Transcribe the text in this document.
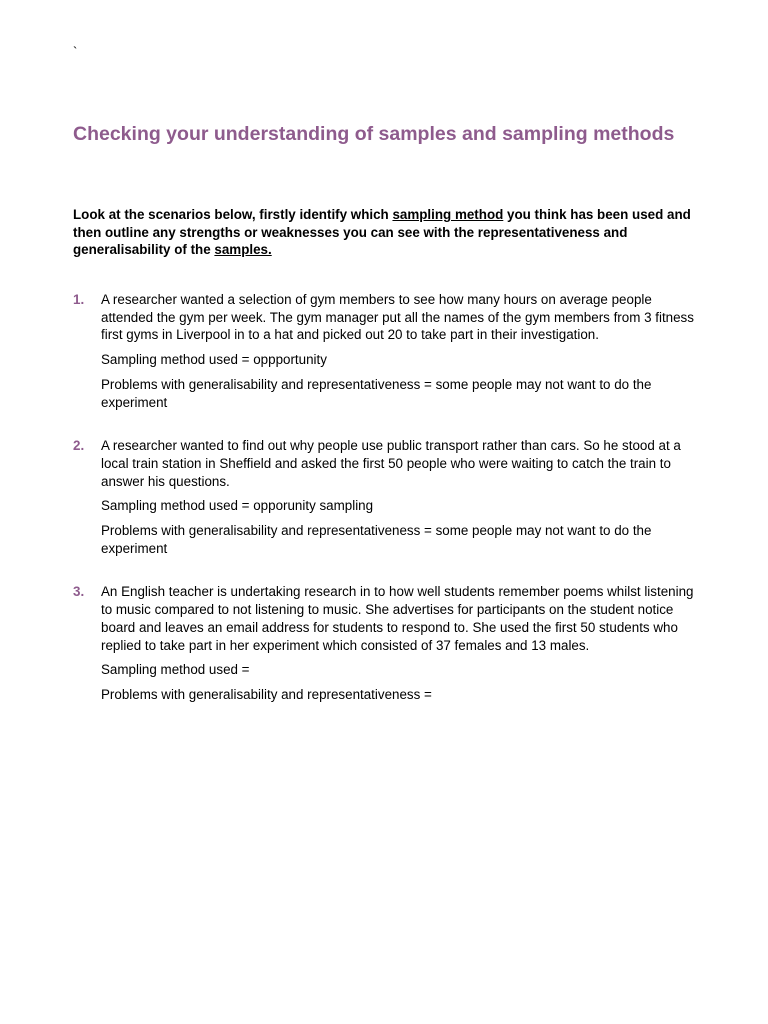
`
Checking your understanding of samples and sampling methods

Look at the scenarios below, firstly identify which sampling method you think has been used and then outline any strengths or weaknesses you can see with the representativeness and generalisability of the samples.

1. A researcher wanted a selection of gym members to see how many hours on average people attended the gym per week. The gym manager put all the names of the gym members from 3 fitness first gyms in Liverpool in to a hat and picked out 20 to take part in their investigation.

Sampling method used = oppportunity

Problems with generalisability and representativeness = some people may not want to do the experiment

2. A researcher wanted to find out why people use public transport rather than cars. So he stood at a local train station in Sheffield and asked the first 50 people who were waiting to catch the train to answer his questions.

Sampling method used = opporunity sampling

Problems with generalisability and representativeness = some people may not want to do the experiment

3. An English teacher is undertaking research in to how well students remember poems whilst listening to music compared to not listening to music. She advertises for participants on the student notice board and leaves an email address for students to respond to. She used the first 50 students who replied to take part in her experiment which consisted of 37 females and 13 males.

Sampling method used =

Problems with generalisability and representativeness =
